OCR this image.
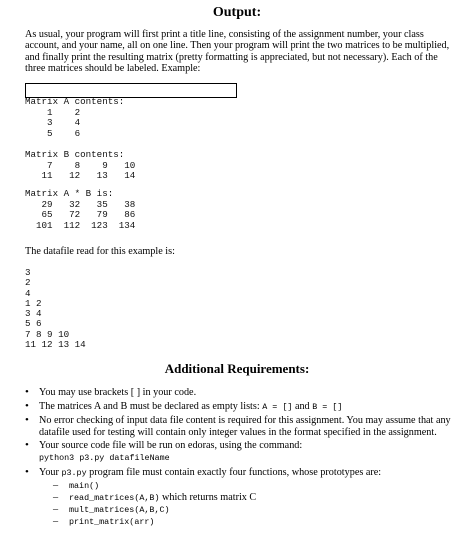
Output:
As usual, your program will first print a title line, consisting of the assignment number, your class account, and your name, all on one line. Then your program will print the two matrices to be multiplied, and finally print the resulting matrix (pretty formatting is appreciated, but not necessary). Each of the three matrices should be labeled. Example:
Matrix A contents:
1    2
3    4
5    6
Matrix B contents:
7    8    9   10
11   12   13   14
Matrix A * B is:
29   32   35   38
65   72   79   86
101  112  123  134
The datafile read for this example is:
3
2
4
1 2
3 4
5 6
7 8 9 10
11 12 13 14
Additional Requirements:
• You may use brackets [ ] in your code.
• The matrices A and B must be declared as empty lists: A = [] and B = []
• No error checking of input data file content is required for this assignment. You may assume that any datafile used for testing will contain only integer values in the format specified in the assignment.
• Your source code file will be run on edoras, using the command:
python3 p3.py datafileName
• Your p3.py program file must contain exactly four functions, whose prototypes are:
– main()
– read_matrices(A,B) which returns matrix C
– mult_matrices(A,B,C)
– print_matrix(arr)
